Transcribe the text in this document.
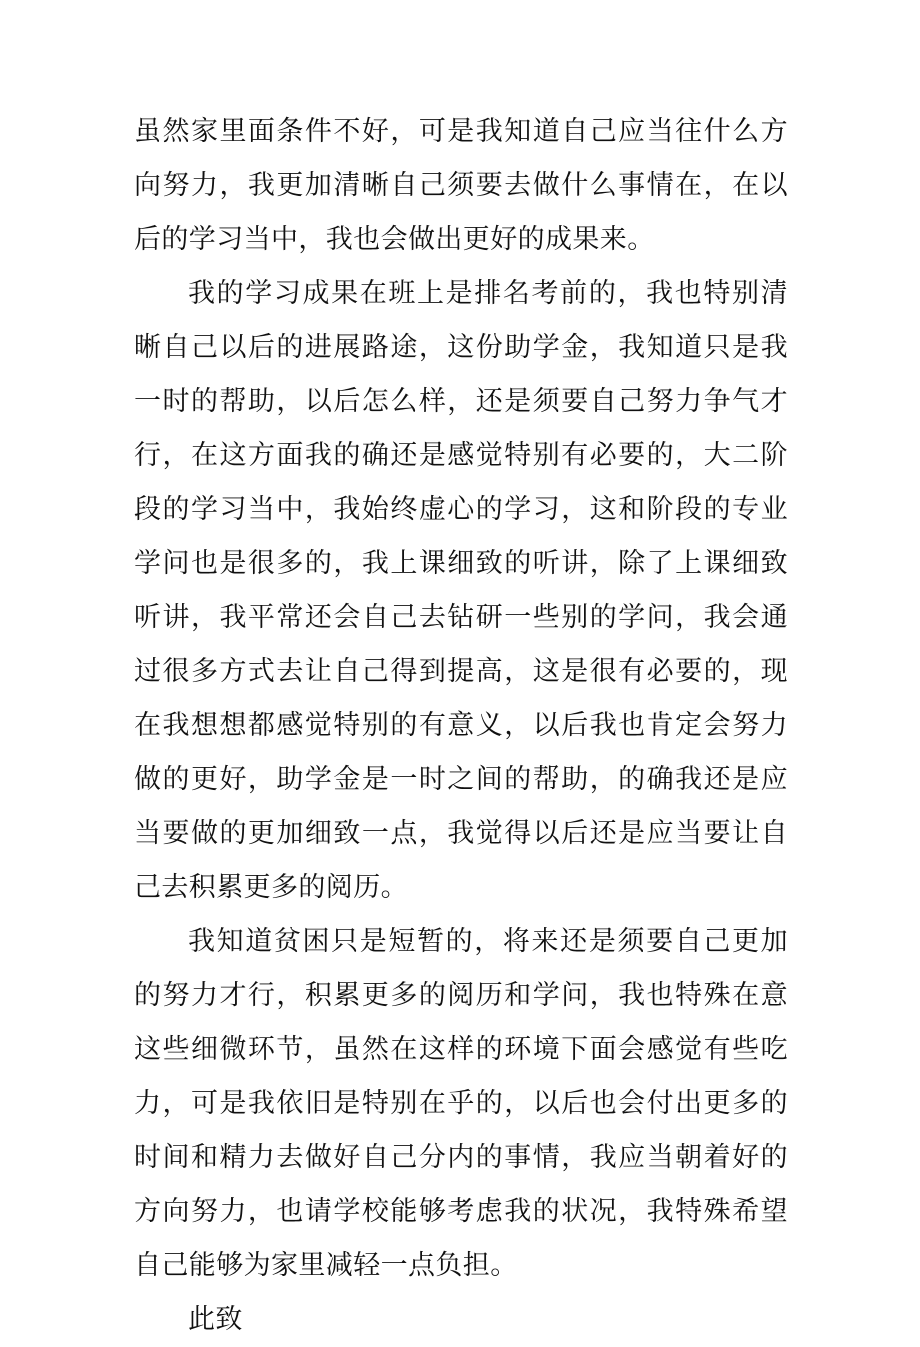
虽然家里面条件不好，可是我知道自己应当往什么方向努力，我更加清晰自己须要去做什么事情在，在以后的学习当中，我也会做出更好的成果来。

我的学习成果在班上是排名考前的，我也特别清晰自己以后的进展路途，这份助学金，我知道只是我一时的帮助，以后怎么样，还是须要自己努力争气才行，在这方面我的确还是感觉特别有必要的，大二阶段的学习当中，我始终虚心的学习，这和阶段的专业学问也是很多的，我上课细致的听讲，除了上课细致听讲，我平常还会自己去钻研一些别的学问，我会通过很多方式去让自己得到提高，这是很有必要的，现在我想想都感觉特别的有意义，以后我也肯定会努力做的更好，助学金是一时之间的帮助，的确我还是应当要做的更加细致一点，我觉得以后还是应当要让自己去积累更多的阅历。

我知道贫困只是短暂的，将来还是须要自己更加的努力才行，积累更多的阅历和学问，我也特殊在意这些细微环节，虽然在这样的环境下面会感觉有些吃力，可是我依旧是特别在乎的，以后也会付出更多的时间和精力去做好自己分内的事情，我应当朝着好的方向努力，也请学校能够考虑我的状况，我特殊希望自己能够为家里减轻一点负担。

此致
